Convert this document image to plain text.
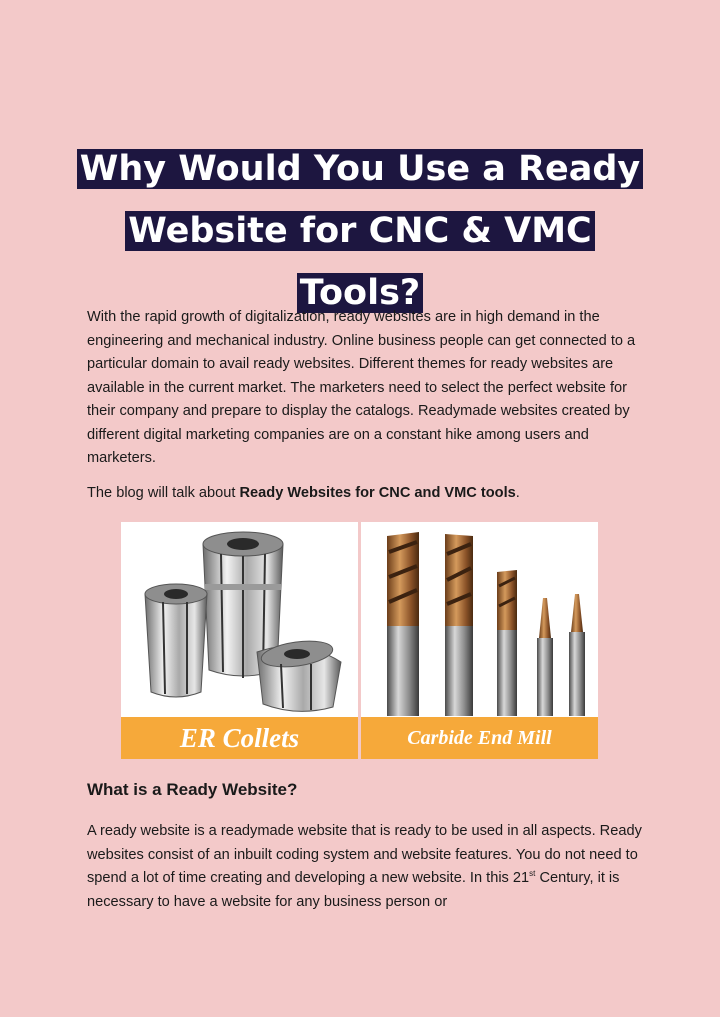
Why Would You Use a Ready
Website for CNC & VMC
Tools?

With the rapid growth of digitalization, ready websites are in high demand in the engineering and mechanical industry. Online business people can get connected to a particular domain to avail ready websites. Different themes for ready websites are available in the current market. The marketers need to select the perfect website for their company and prepare to display the catalogs. Readymade websites created by different digital marketing companies are on a constant hike among users and marketers.

The blog will talk about Ready Websites for CNC and VMC tools.

ER Collets	Carbide End Mill
What is a Ready Website?

A ready website is a readymade website that is ready to be used in all aspects. Ready websites consist of an inbuilt coding system and website features. You do not need to spend a lot of time creating and developing a new website. In this 21st Century, it is necessary to have a website for any business person or
